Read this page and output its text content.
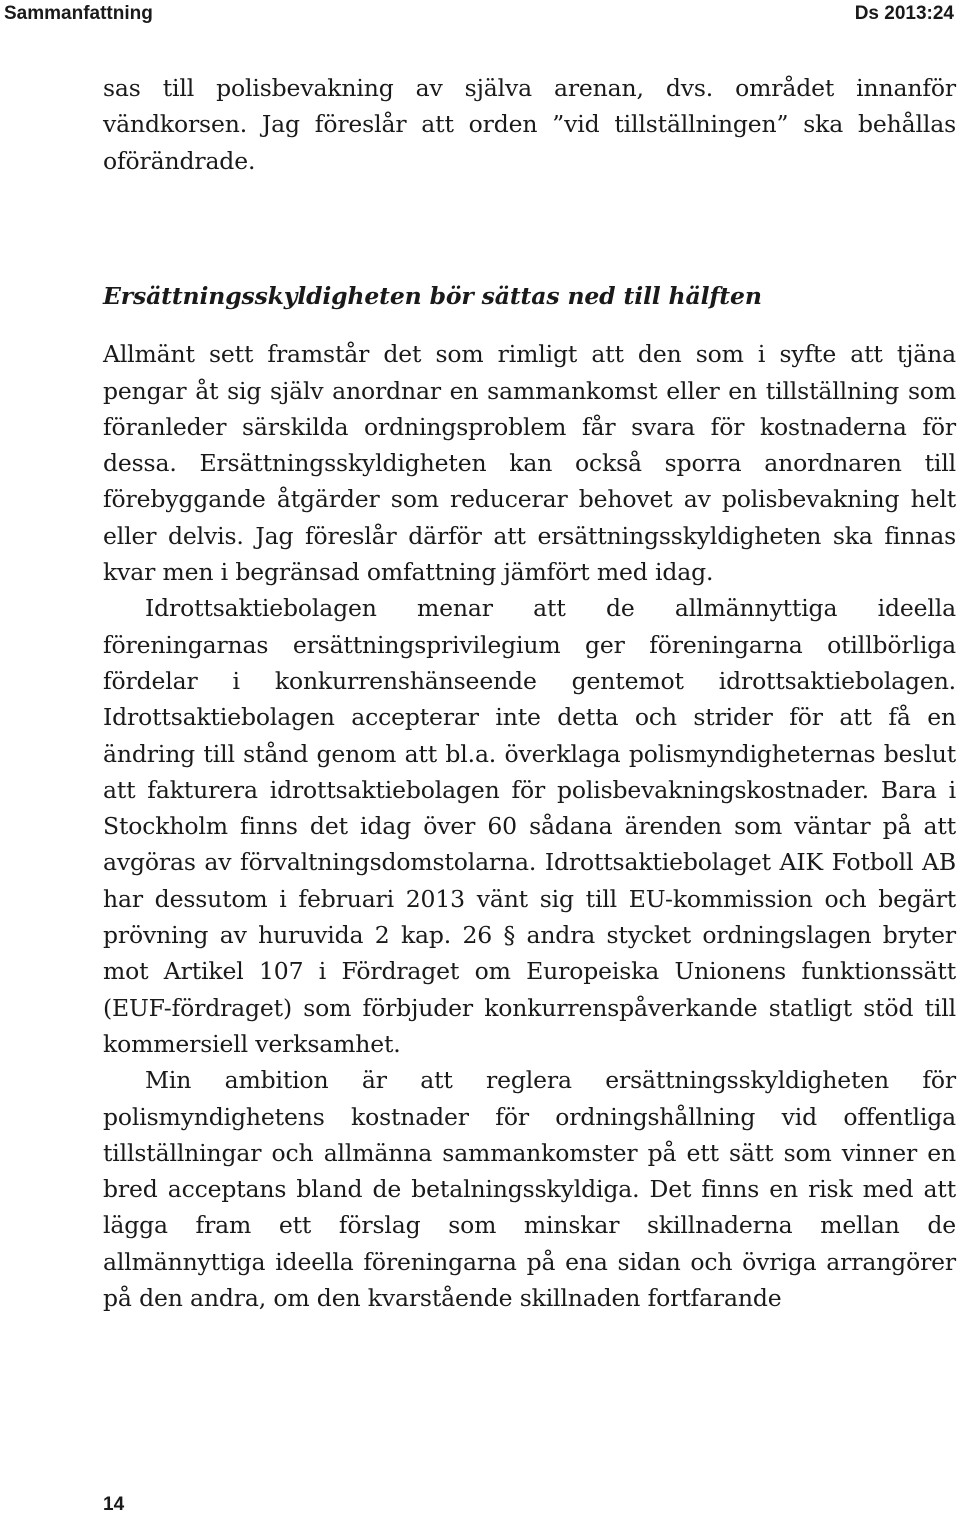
Sammanfattning	Ds 2013:24

sas till polisbevakning av själva arenan, dvs. området innanför vändkorsen. Jag föreslår att orden ”vid tillställningen” ska behållas oförändrade.

Ersättningsskyldigheten bör sättas ned till hälften

Allmänt sett framstår det som rimligt att den som i syfte att tjäna pengar åt sig själv anordnar en sammankomst eller en tillställning som föranleder särskilda ordningsproblem får svara för kostnaderna för dessa. Ersättningsskyldigheten kan också sporra anordnaren till förebyggande åtgärder som reducerar behovet av polisbevakning helt eller delvis. Jag föreslår därför att ersättningsskyldigheten ska finnas kvar men i begränsad omfattning jämfört med idag.

Idrottsaktiebolagen menar att de allmännyttiga ideella föreningarnas ersättningsprivilegium ger föreningarna otillbörliga fördelar i konkurrenshänseende gentemot idrottsaktiebolagen. Idrottsaktiebolagen accepterar inte detta och strider för att få en ändring till stånd genom att bl.a. överklaga polismyndigheternas beslut att fakturera idrottsaktiebolagen för polisbevakningskostnader. Bara i Stockholm finns det idag över 60 sådana ärenden som väntar på att avgöras av förvaltningsdomstolarna. Idrottsaktiebolaget AIK Fotboll AB har dessutom i februari 2013 vänt sig till EU-kommission och begärt prövning av huruvida 2 kap. 26 § andra stycket ordningslagen bryter mot Artikel 107 i Fördraget om Europeiska Unionens funktionssätt (EUF-fördraget) som förbjuder konkurrenspåverkande statligt stöd till kommersiell verksamhet.

Min ambition är att reglera ersättningsskyldigheten för polismyndighetens kostnader för ordningshållning vid offentliga tillställningar och allmänna sammankomster på ett sätt som vinner en bred acceptans bland de betalningsskyldiga. Det finns en risk med att lägga fram ett förslag som minskar skillnaderna mellan de allmännyttiga ideella föreningarna på ena sidan och övriga arrangörer på den andra, om den kvarstående skillnaden fortfarande

14
